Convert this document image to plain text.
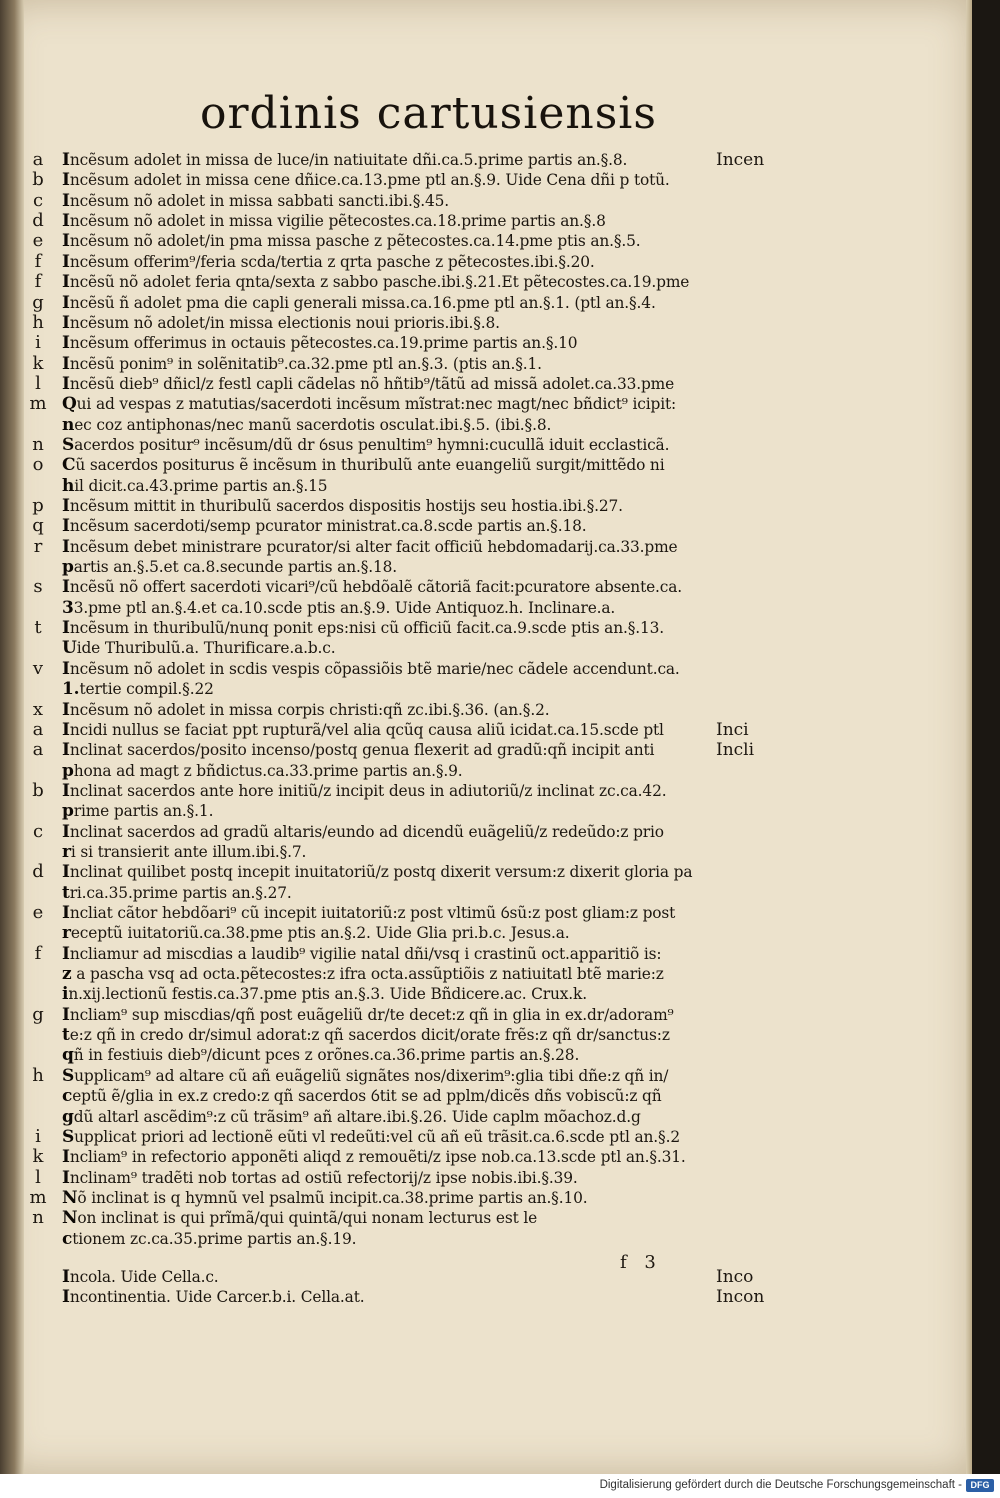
ordinis cartusiensis
a	Incẽsum adolet in missa de luce/in natiuitate dñi.ca.5.prime partis an.§.8.	Incen
b Incẽsum adolet in missa cene dñice.ca.13.pme ptl an.§.9. Uide Cena dñi p totũ.
c	Incẽsum nõ adolet in missa sabbati sancti.ibi.§.45.
d Incẽsum nõ adolet in missa vigilie pẽtecostes.ca.18.prime partis an.§.8
e	Incẽsum nõ adolet/in pma missa pasche z pẽtecostes.ca.14.pme ptis an.§.5.
f	Incẽsum offerim⁹/feria scda/tertia z qrta pasche z pẽtecostes.ibi.§.20.
f	Incẽsũ nõ adolet feria qnta/sexta z sabbo pasche.ibi.§.21.Et pẽtecostes.ca.19.pme
g Incẽsũ ñ adolet pma die capli generali missa.ca.16.pme ptl an.§.1. (ptl an.§.4.
h Incẽsum nõ adolet/in missa electionis noui prioris.ibi.§.8.
i	Incẽsum offerimus in octauis pẽtecostes.ca.19.prime partis an.§.10
k Incẽsũ ponim⁹ in solẽnitatib⁹.ca.32.pme ptl an.§.3. (ptis an.§.1.
l	Incẽsũ dieb⁹ dñicl/z festl capli cãdelas nõ hñtib⁹/tãtũ ad missã adolet.ca.33.pme
m Qui ad vespas z matutias/sacerdoti incẽsum mĩstrat:nec magt/nec bñdict⁹ icipit:
nec coz antiphonas/nec manũ sacerdotis osculat.ibi.§.5. (ibi.§.8.
n Sacerdos positur⁹ incẽsum/dũ dr ỽsus penultim⁹ hymni:cucullã iduit ecclasticã.
o Cũ sacerdos positurus ẽ incẽsum in thuribulũ ante euangeliũ surgit/mittẽdo ni
hil dicit.ca.43.prime partis an.§.15
p Incẽsum mittit in thuribulũ sacerdos dispositis hostijs seu hostia.ibi.§.27.
q Incẽsum sacerdoti/semp pcurator ministrat.ca.8.scde partis an.§.18.
r	Incẽsum debet ministrare pcurator/si alter facit officiũ hebdomadarij.ca.33.pme
partis an.§.5.et ca.8.secunde partis an.§.18.
s	Incẽsũ nõ offert sacerdoti vicari⁹/cũ hebdõalẽ cãtoriã facit:pcuratore absente.ca.
33.pme ptl an.§.4.et ca.10.scde ptis an.§.9. Uide Antiquoz.h. Inclinare.a.
t	Incẽsum in thuribulũ/nunq ponit eps:nisi cũ officiũ facit.ca.9.scde ptis an.§.13.
Uide Thuribulũ.a. Thurificare.a.b.c.
v	Incẽsum nõ adolet in scdis vespis cõpassiõis btẽ marie/nec cãdele accendunt.ca.
1.tertie compil.§.22
x	Incẽsum nõ adolet in missa corpis christi:qñ zc.ibi.§.36. (an.§.2.
a	Incidi nullus se faciat ppt rupturã/vel alia qcũq causa aliũ icidat.ca.15.scde ptl	Inci
a	Inclinat sacerdos/posito incenso/postq genua flexerit ad gradũ:qñ incipit anti	Incli
phona ad magt z bñdictus.ca.33.prime partis an.§.9.
b Inclinat sacerdos ante hore initiũ/z incipit deus in adiutoriũ/z inclinat zc.ca.42.
prime partis an.§.1.
c	Inclinat sacerdos ad gradũ altaris/eundo ad dicendũ euãgeliũ/z redeũdo:z prio
ri si transierit ante illum.ibi.§.7.
d Inclinat quilibet postq incepit inuitatoriũ/z postq dixerit versum:z dixerit gloria pa
tri.ca.35.prime partis an.§.27.
e	Incliat cãtor hebdõari⁹ cũ incepit iuitatoriũ:z post vltimũ ỽsũ:z post gliam:z post
receptũ iuitatoriũ.ca.38.pme ptis an.§.2. Uide Glia pri.b.c. Jesus.a.
f	Incliamur ad miscdias a laudib⁹ vigilie natal dñi/vsq i crastinũ oct.apparitiõ is:
z a pascha vsq ad octa.pẽtecostes:z ifra octa.assũptiõis z natiuitatl btẽ marie:z
in.xij.lectionũ festis.ca.37.pme ptis an.§.3. Uide Bñdicere.ac. Crux.k.
g Incliam⁹ sup miscdias/qñ post euãgeliũ dr/te decet:z qñ in glia in ex.dr/adoram⁹
te:z qñ in credo dr/simul adorat:z qñ sacerdos dicit/orate frẽs:z qñ dr/sanctus:z
qñ in festiuis dieb⁹/dicunt pces z orõnes.ca.36.prime partis an.§.28.
h Supplicam⁹ ad altare cũ añ euãgeliũ signãtes nos/dixerim⁹:glia tibi dñe:z qñ in/
ceptũ ẽ/glia in ex.z credo:z qñ sacerdos ỽtit se ad pplm/dicẽs dñs vobiscũ:z qñ
gdũ altarl ascẽdim⁹:z cũ trãsim⁹ añ altare.ibi.§.26. Uide caplm mõachoz.d.g
i	Supplicat priori ad lectionẽ eũti vl redeũti:vel cũ añ eũ trãsit.ca.6.scde ptl an.§.2
k Incliam⁹ in refectorio apponẽti aliqd z remouẽti/z ipse nob.ca.13.scde ptl an.§.31.
l	Inclinam⁹ tradẽti nob tortas ad ostiũ refectorij/z ipse nobis.ibi.§.39.
m Nõ inclinat is q hymnũ vel psalmũ incipit.ca.38.prime partis an.§.10.
n Non inclinat is qui prĩmã/qui quintã/qui nonam lecturus est le
ctionem zc.ca.35.prime partis an.§.19.
Incola. Uide Cella.c.	Inco
Incontinentia. Uide Carcer.b.i. Cella.at.	Incon
f 3
Digitalisierung gefördert durch die Deutsche Forschungsgemeinschaft - DFG
